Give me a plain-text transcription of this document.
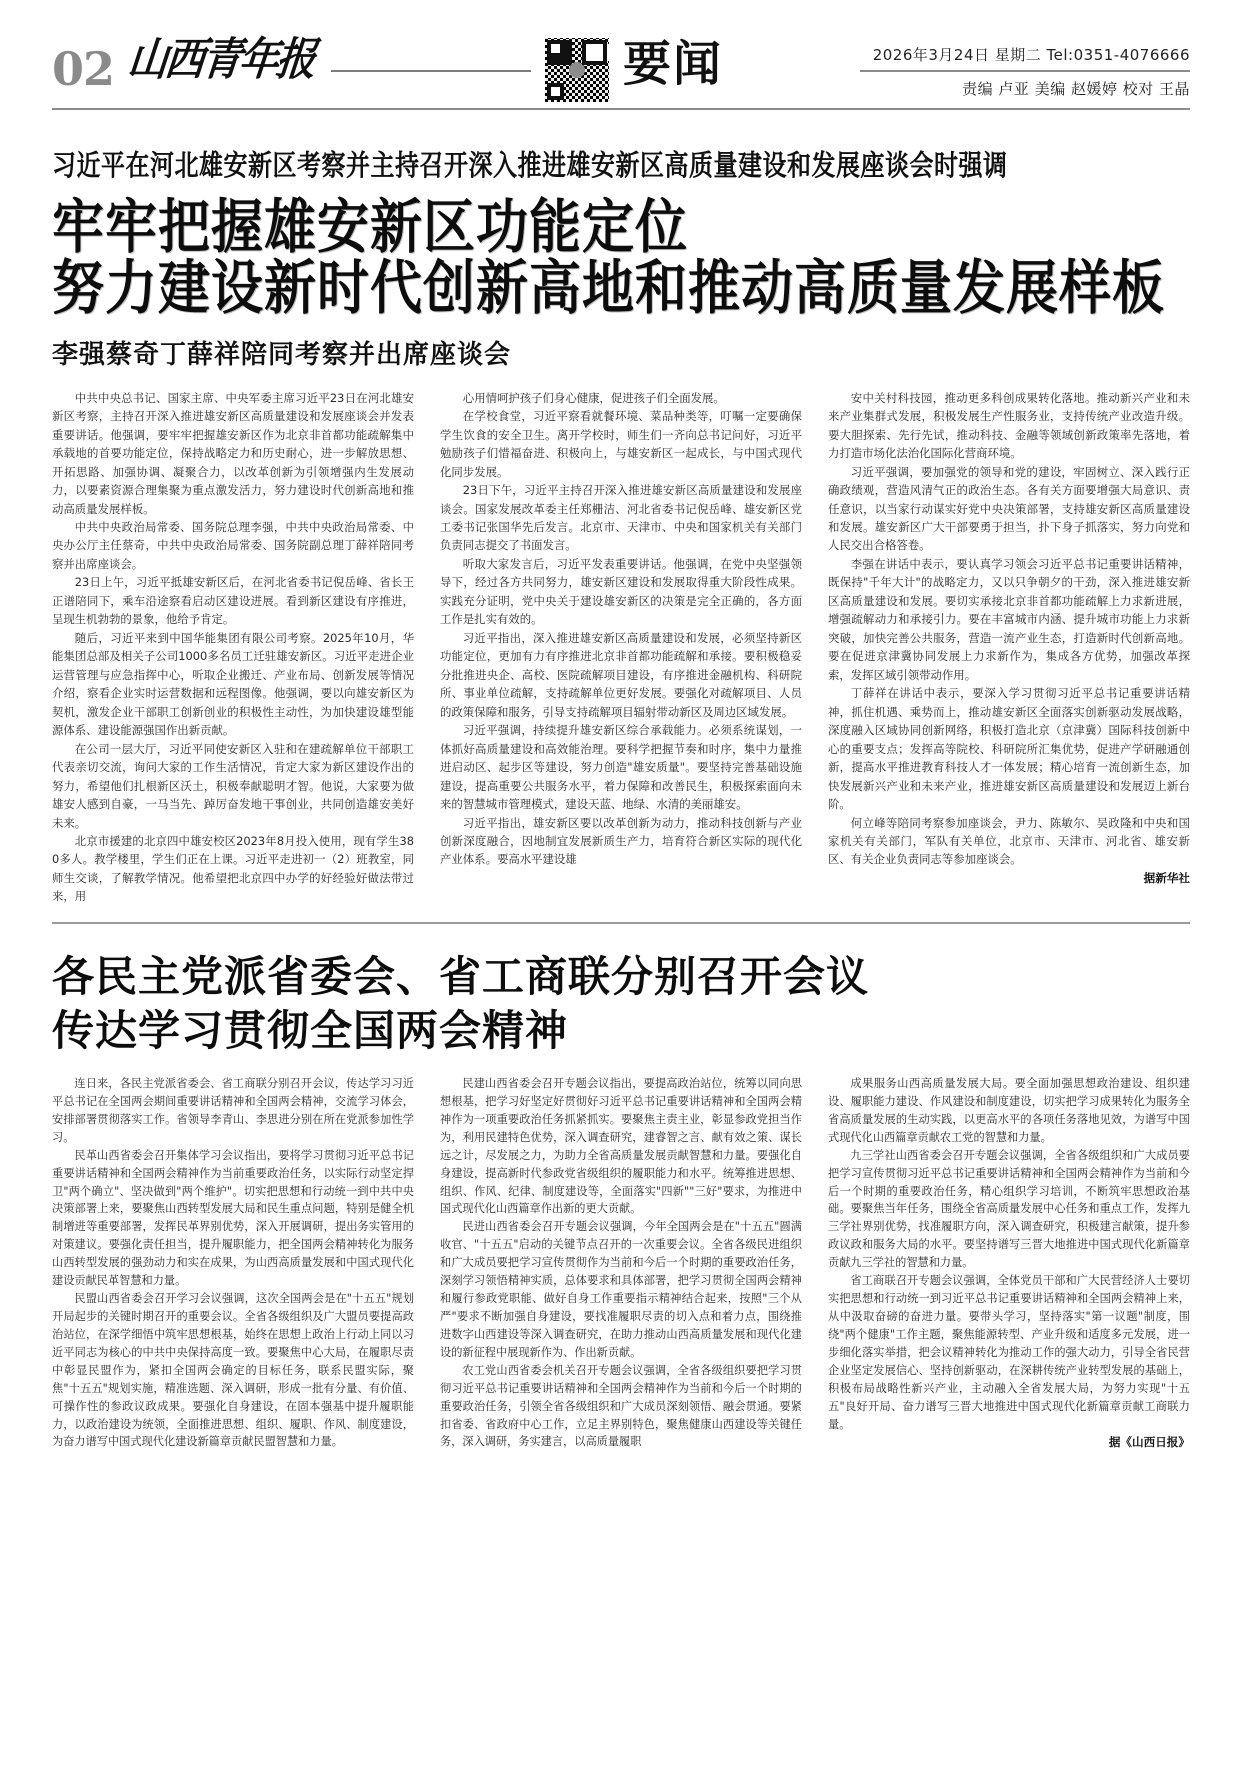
02 山西青年报	要闻	2026年3月24日 星期二 Tel:0351-4076666
责编 卢亚 美编 赵媛婷 校对 王晶
习近平在河北雄安新区考察并主持召开深入推进雄安新区高质量建设和发展座谈会时强调
牢牢把握雄安新区功能定位
努力建设新时代创新高地和推动高质量发展样板
李强蔡奇丁薛祥陪同考察并出席座谈会

中共中央总书记、国家主席、中央军委主席习近平23日在河北雄安新区考察，主持召开深入推进雄安新区高质量建设和发展座谈会并发表重要讲话。他强调，要牢牢把握雄安新区作为北京非首都功能疏解集中承载地的首要功能定位，保持战略定力和历史耐心，进一步解放思想、开拓思路、加强协调、凝聚合力，以改革创新为引领增强内生发展动力，以要素资源合理集聚为重点激发活力，努力建设时代创新高地和推动高质量发展样板。

中共中央政治局常委、国务院总理李强，中共中央政治局常委、中央办公厅主任蔡奇，中共中央政治局常委、国务院副总理丁薛祥陪同考察并出席座谈会。

23日上午，习近平抵雄安新区后，在河北省委书记倪岳峰、省长王正谱陪同下，乘车沿途察看启动区建设进展。看到新区建设有序推进，呈现生机勃勃的景象，他给予肯定。

随后，习近平来到中国华能集团有限公司考察。2025年10月，华能集团总部及相关子公司1000多名员工迁驻雄安新区。习近平走进企业运营管理与应急指挥中心，听取企业搬迁、产业布局、创新发展等情况介绍，察看企业实时运营数据和远程图像。他强调，要以向雄安新区为契机，激发企业干部职工创新创业的积极性主动性，为加快建设雄型能源体系、建设能源强国作出新贡献。

在公司一层大厅，习近平同使安新区入驻和在建疏解单位干部职工代表亲切交流，询问大家的工作生活情况，肯定大家为新区建设作出的努力，希望他们扎根新区沃土，积极奉献聪明才智。他说，大家要为做雄安人感到自豪，一马当先、踔厉奋发地干事创业，共同创造雄安美好未来。

北京市援建的北京四中雄安校区2023年8月投入使用，现有学生380多人。教学楼里，学生们正在上课。习近平走进初一（2）班教室，同师生交谈，了解教学情况。他希望把北京四中办学的好经验好做法带过来，用

心用情呵护孩子们身心健康，促进孩子们全面发展。

在学校食堂，习近平察看就餐环境、菜品种类等，叮嘱一定要确保学生饮食的安全卫生。离开学校时，师生们一齐向总书记问好，习近平勉励孩子们惜福奋进、积极向上，与雄安新区一起成长，与中国式现代化同步发展。

23日下午，习近平主持召开深入推进雄安新区高质量建设和发展座谈会。国家发展改革委主任郑栅洁、河北省委书记倪岳峰、雄安新区党工委书记张国华先后发言。北京市、天津市、中央和国家机关有关部门负责同志提交了书面发言。

听取大家发言后，习近平发表重要讲话。他强调，在党中央坚强领导下，经过各方共同努力，雄安新区建设和发展取得重大阶段性成果。实践充分证明，党中央关于建设雄安新区的决策是完全正确的，各方面工作是扎实有效的。

习近平指出，深入推进雄安新区高质量建设和发展，必须坚持新区功能定位，更加有力有序推进北京非首都功能疏解和承接。要积极稳妥分批推进央企、高校、医院疏解项目建设，有序推进金融机构、科研院所、事业单位疏解，支持疏解单位更好发展。要强化对疏解项目、人员的政策保障和服务，引导支持疏解项目辐射带动新区及周边区域发展。

习近平强调，持续提升雄安新区综合承载能力。必须系统谋划，一体抓好高质量建设和高效能治理。要科学把握节奏和时序，集中力量推进启动区、起步区等建设，努力创造"雄安质量"。要坚持完善基础设施建设，提高重要公共服务水平，着力保障和改善民生，积极探索面向未来的智慧城市管理模式，建设天蓝、地绿、水清的美丽雄安。

习近平指出，雄安新区要以改革创新为动力，推动科技创新与产业创新深度融合，因地制宜发展新质生产力，培育符合新区实际的现代化产业体系。要高水平建设雄

安中关村科技园，推动更多科创成果转化落地。推动新兴产业和未来产业集群式发展，积极发展生产性服务业，支持传统产业改造升级。要大胆探索、先行先试，推动科技、金融等领域创新政策率先落地，着力打造市场化法治化国际化营商环境。

习近平强调，要加强党的领导和党的建设，牢固树立、深入践行正确政绩观，营造风清气正的政治生态。各有关方面要增强大局意识、责任意识，以当家行动谋实好党中央决策部署，支持雄安新区高质量建设和发展。雄安新区广大干部要勇于担当，扑下身子抓落实，努力向党和人民交出合格答卷。

李强在讲话中表示，要认真学习领会习近平总书记重要讲话精神，既保持"千年大计"的战略定力，又以只争朝夕的干劲，深入推进雄安新区高质量建设和发展。要切实承接北京非首都功能疏解上力求新进展，增强疏解动力和承接引力。要在丰富城市内涵、提升城市功能上力求新突破，加快完善公共服务，营造一流产业生态，打造新时代创新高地。要在促进京津冀协同发展上力求新作为，集成各方优势，加强改革探索，发挥区域引领带动作用。

丁薛祥在讲话中表示，要深入学习贯彻习近平总书记重要讲话精神，抓住机遇、乘势而上，推动雄安新区全面落实创新驱动发展战略，深度融入区域协同创新网络，积极打造北京（京津冀）国际科技创新中心的重要支点；发挥高等院校、科研院所汇集优势，促进产学研融通创新，提高水平推进教育科技人才一体发展；精心培育一流创新生态，加快发展新兴产业和未来产业，推进雄安新区高质量建设和发展迈上新台阶。

何立峰等陪同考察参加座谈会，尹力、陈敏尔、吴政隆和中央和国家机关有关部门，军队有关单位，北京市、天津市、河北省、雄安新区、有关企业负责同志等参加座谈会。

据新华社

各民主党派省委会、省工商联分别召开会议
传达学习贯彻全国两会精神

连日来，各民主党派省委会、省工商联分别召开会议，传达学习习近平总书记在全国两会期间重要讲话精神和全国两会精神，交流学习体会，安排部署贯彻落实工作。省领导李青山、李思进分别在所在党派参加性学习。

民革山西省委会召开集体学习会议指出，要将学习贯彻习近平总书记重要讲话精神和全国两会精神作为当前重要政治任务，以实际行动坚定捍卫"两个确立"、坚决做到"两个维护"。切实把思想和行动统一到中共中央决策部署上来，要聚焦山西转型发展大局和民生重点问题，特别是健全机制增进等重要部署，发挥民革界别优势，深入开展调研，提出务实管用的对策建议。要强化责任担当，提升履职能力，把全国两会精神转化为服务山西转型发展的强劲动力和实在成果，为山西高质量发展和中国式现代化建设贡献民革智慧和力量。

民盟山西省委会召开学习会议强调，这次全国两会是在"十五五"规划开局起步的关键时期召开的重要会议。全省各级组织及广大盟员要提高政治站位，在深学细悟中筑牢思想根基，始终在思想上政治上行动上同以习近平同志为核心的中共中央保持高度一致。要聚焦中心大局，在履职尽责中彰显民盟作为，紧扣全国两会确定的目标任务，联系民盟实际，聚焦"十五五"规划实施，精准选题、深入调研，形成一批有分量、有价值、可操作性的参政议政成果。要强化自身建设，在固本强基中提升履职能力，以政治建设为统领，全面推进思想、组织、履职、作风、制度建设，为奋力谱写中国式现代化建设新篇章贡献民盟智慧和力量。

民建山西省委会召开专题会议指出，要提高政治站位，统筹以同向思想根基，把学习好坚定好贯彻好习近平总书记重要讲话精神和全国两会精神作为一项重要政治任务抓紧抓实。要聚焦主责主业，彰显参政党担当作为，利用民建特色优势，深入调查研究，建睿智之言、献有效之策、谋长远之计，尽发展之力，为助力全省高质量发展贡献智慧和力量。要强化自身建设，提高新时代参政党省级组织的履职能力和水平。统筹推进思想、组织、作风、纪律、制度建设等，全面落实"四新""三好"要求，为推进中国式现代化山西篇章作出新的更大贡献。

民进山西省委会召开专题会议强调，今年全国两会是在"十五五"圆满收官、"十五五"启动的关键节点召开的一次重要会议。全省各级民进组织和广大成员要把学习宣传贯彻作为当前和今后一个时期的重要政治任务，深刻学习领悟精神实质，总体要求和具体部署，把学习贯彻全国两会精神和履行参政党职能、做好自身工作重要指示精神结合起来，按照"三个从严"要求不断加强自身建设，要找准履职尽责的切入点和着力点，围绕推进数字山西建设等深入调查研究，在助力推动山西高质量发展和现代化建设的新征程中展现新作为、作出新贡献。

农工党山西省委会机关召开专题会议强调，全省各级组织要把学习贯彻习近平总书记重要讲话精神和全国两会精神作为当前和今后一个时期的重要政治任务，引领全省各级组织和广大成员深刻领悟、融会贯通。要紧扣省委、省政府中心工作，立足主界别特色，聚焦健康山西建设等关键任务，深入调研，务实建言，以高质量履职

成果服务山西高质量发展大局。要全面加强思想政治建设、组织建设、履职能力建设、作风建设和制度建设，切实把学习成果转化为服务全省高质量发展的生动实践，以更高水平的各项任务落地见效，为谱写中国式现代化山西篇章贡献农工党的智慧和力量。

九三学社山西省委会召开专题会议强调，全省各级组织和广大成员要把学习宣传贯彻习近平总书记重要讲话精神和全国两会精神作为当前和今后一个时期的重要政治任务，精心组织学习培训，不断筑牢思想政治基础。要聚焦当年任务，围绕全省高质量发展中心任务和重点工作，发挥九三学社界别优势，找准履职方向，深入调查研究，积极建言献策，提升参政议政和服务大局的水平。要坚持谱写三晋大地推进中国式现代化新篇章贡献九三学社的智慧和力量。

省工商联召开专题会议强调，全体党员干部和广大民营经济人士要切实把思想和行动统一到习近平总书记重要讲话精神和全国两会精神上来，从中汲取奋磅的奋进力量。要带头学习，坚持落实"第一议题"制度，围绕"两个健康"工作主题，聚焦能源转型、产业升级和适度多元发展，进一步细化落实举措，把会议精神转化为推动工作的强大动力，引导全省民营企业坚定发展信心、坚持创新驱动，在深耕传统产业转型发展的基础上，积极布局战略性新兴产业，主动融入全省发展大局，为努力实现"十五五"良好开局、奋力谱写三晋大地推进中国式现代化新篇章贡献工商联力量。

据《山西日报》
